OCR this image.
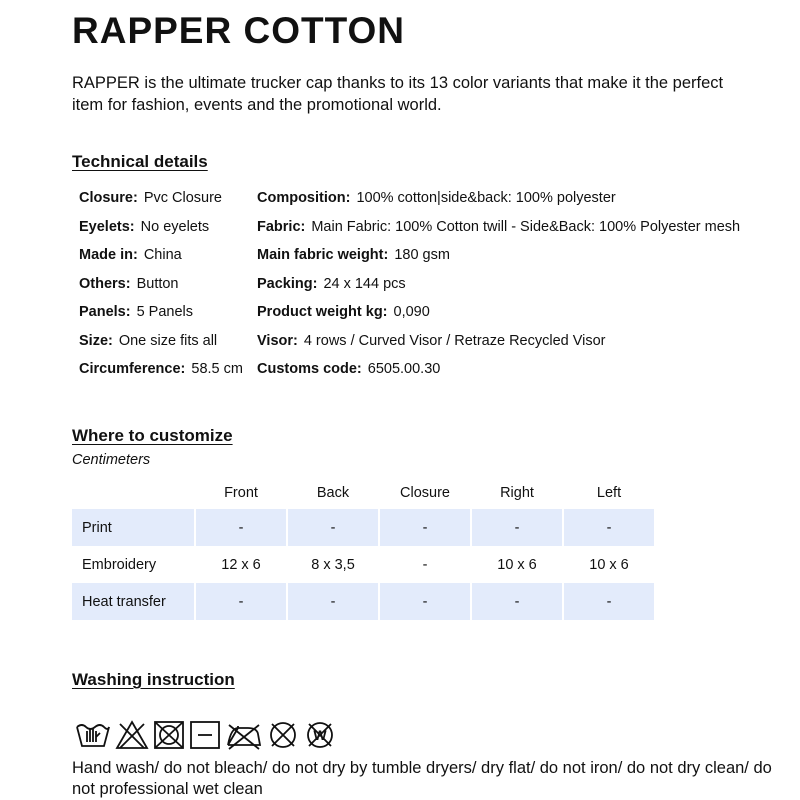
RAPPER COTTON

RAPPER is the ultimate trucker cap thanks to its 13 color variants that make it the perfect item for fashion, events and the promotional world.

Technical details
Closure: Pvc Closure
Eyelets: No eyelets
Made in: China
Others: Button
Panels: 5 Panels
Size: One size fits all
Circumference: 58.5 cm
Composition: 100% cotton|side&back: 100% polyester
Fabric: Main Fabric: 100% Cotton twill - Side&Back: 100% Polyester mesh
Main fabric weight: 180 gsm
Packing: 24 x 144 pcs
Product weight kg: 0,090
Visor: 4 rows / Curved Visor / Retraze Recycled Visor
Customs code: 6505.00.30
Where to customize
Centimeters
	Front	Back	Closure	Right	Left
Print	-	-	-	-	-
Embroidery	12 x 6	8 x 3,5	-	10 x 6	10 x 6
Heat transfer	-	-	-	-	-
Washing instruction
W

Hand wash/ do not bleach/ do not dry by tumble dryers/ dry flat/ do not iron/ do not dry clean/ do not professional wet clean
